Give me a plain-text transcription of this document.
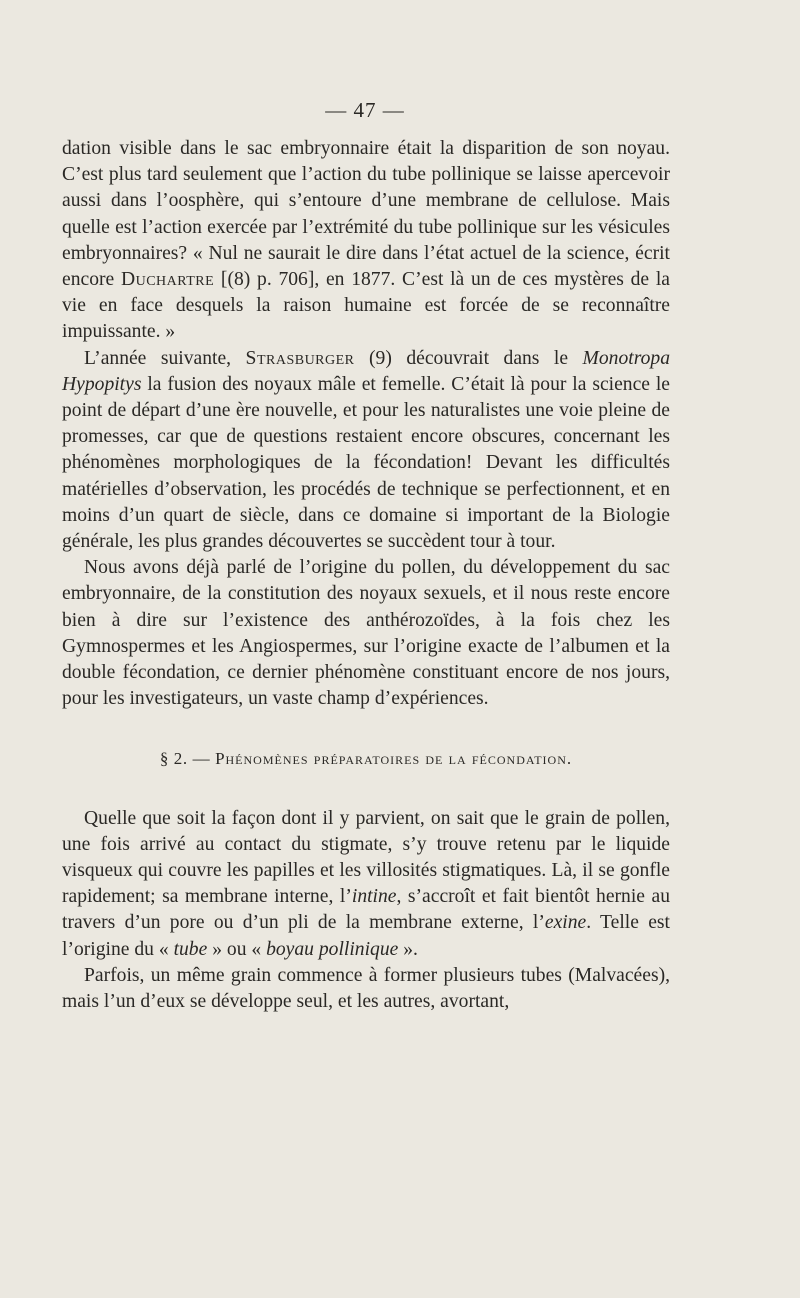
— 47 —

dation visible dans le sac embryonnaire était la disparition de son noyau. C’est plus tard seulement que l’action du tube pollinique se laisse apercevoir aussi dans l’oosphère, qui s’entoure d’une membrane de cellulose. Mais quelle est l’action exercée par l’extrémité du tube pollinique sur les vésicules embryonnaires? « Nul ne saurait le dire dans l’état actuel de la science, écrit encore Duchartre [(8) p. 706], en 1877. C’est là un de ces mystères de la vie en face desquels la raison humaine est forcée de se reconnaître impuissante. »

L’année suivante, Strasburger (9) découvrait dans le Monotropa Hypopitys la fusion des noyaux mâle et femelle. C’était là pour la science le point de départ d’une ère nouvelle, et pour les naturalistes une voie pleine de promesses, car que de questions restaient encore obscures, concernant les phénomènes morphologiques de la fécondation! Devant les difficultés matérielles d’observation, les procédés de technique se perfectionnent, et en moins d’un quart de siècle, dans ce domaine si important de la Biologie générale, les plus grandes découvertes se succèdent tour à tour.

Nous avons déjà parlé de l’origine du pollen, du développement du sac embryonnaire, de la constitution des noyaux sexuels, et il nous reste encore bien à dire sur l’existence des anthérozoïdes, à la fois chez les Gymnospermes et les Angiospermes, sur l’origine exacte de l’albumen et la double fécondation, ce dernier phénomène constituant encore de nos jours, pour les investigateurs, un vaste champ d’expériences.

§ 2. — Phénomènes préparatoires de la fécondation.

Quelle que soit la façon dont il y parvient, on sait que le grain de pollen, une fois arrivé au contact du stigmate, s’y trouve retenu par le liquide visqueux qui couvre les papilles et les villosités stigmatiques. Là, il se gonfle rapidement; sa membrane interne, l’intine, s’accroît et fait bientôt hernie au travers d’un pore ou d’un pli de la membrane externe, l’exine. Telle est l’origine du « tube » ou « boyau pollinique ».

Parfois, un même grain commence à former plusieurs tubes (Malvacées), mais l’un d’eux se développe seul, et les autres, avortant,
